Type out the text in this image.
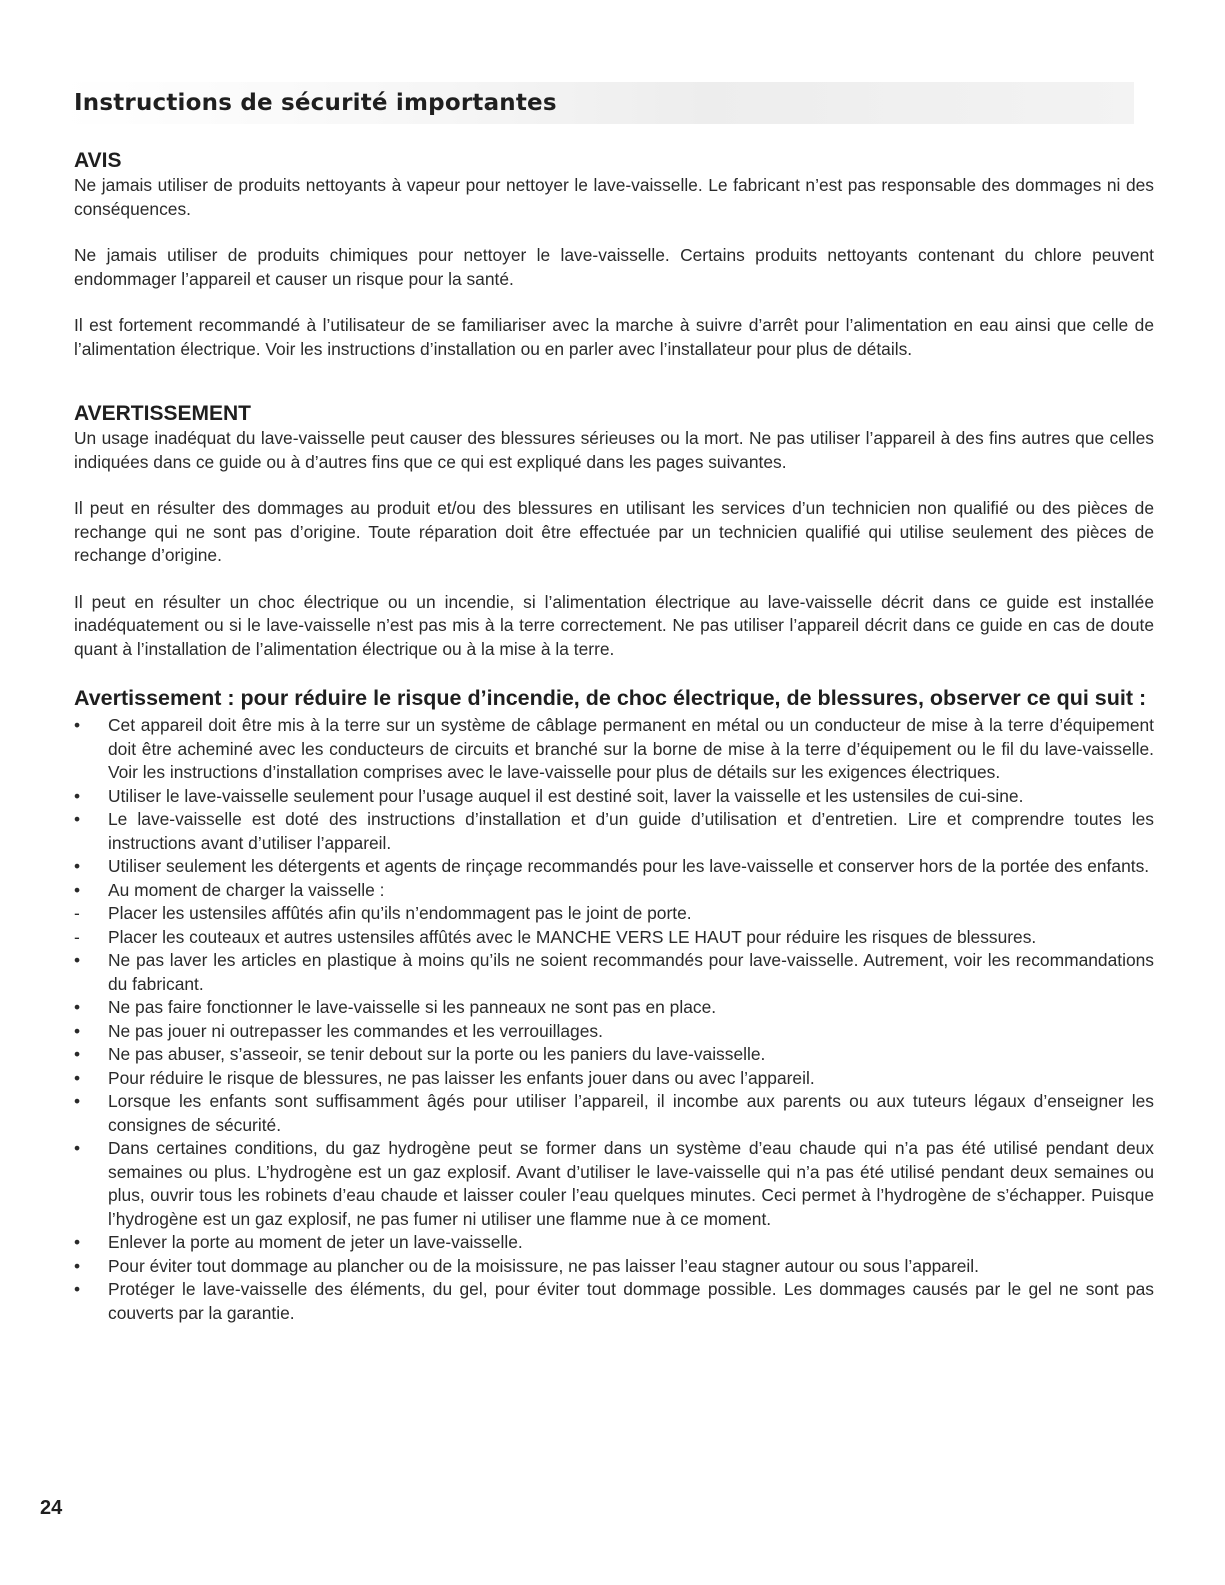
Instructions de sécurité importantes
AVIS

Ne jamais utiliser de produits nettoyants à vapeur pour nettoyer le lave-vaisselle. Le fabricant n’est pas responsable des dommages ni des conséquences.

Ne jamais utiliser de produits chimiques pour nettoyer le lave-vaisselle. Certains produits nettoyants contenant du chlore peuvent endommager l’appareil et causer un risque pour la santé.

Il est fortement recommandé à l’utilisateur de se familiariser avec la marche à suivre d’arrêt pour l’alimentation en eau ainsi que celle de l’alimentation électrique. Voir les instructions d’installation ou en parler avec l’installateur pour plus de détails.

AVERTISSEMENT

Un usage inadéquat du lave-vaisselle peut causer des blessures sérieuses ou la mort. Ne pas utiliser l’appareil à des fins autres que celles indiquées dans ce guide ou à d’autres fins que ce qui est expliqué dans les pages suivantes.

Il peut en résulter des dommages au produit et/ou des blessures en utilisant les services d’un technicien non qualifié ou des pièces de rechange qui ne sont pas d’origine. Toute réparation doit être effectuée par un technicien qualifié qui utilise seulement des pièces de rechange d’origine.

Il peut en résulter un choc électrique ou un incendie, si l’alimentation électrique au lave-vaisselle décrit dans ce guide est installée inadéquatement ou si le lave-vaisselle n’est pas mis à la terre correctement. Ne pas utiliser l’appareil décrit dans ce guide en cas de doute quant à l’installation de l’alimentation électrique ou à la mise à la terre.

Avertissement : pour réduire le risque d’incendie, de choc électrique, de blessures, observer ce qui suit :
• Cet appareil doit être mis à la terre sur un système de câblage permanent en métal ou un conducteur de mise à la terre d’équipement doit être acheminé avec les conducteurs de circuits et branché sur la borne de mise à la terre d’équipement ou le fil du lave-vaisselle. Voir les instructions d’installation comprises avec le lave-vaisselle pour plus de détails sur les exigences électriques.
• Utiliser le lave-vaisselle seulement pour l’usage auquel il est destiné soit, laver la vaisselle et les ustensiles de cui-sine.
• Le lave-vaisselle est doté des instructions d’installation et d’un guide d’utilisation et d’entretien. Lire et comprendre toutes les instructions avant d’utiliser l’appareil.
• Utiliser seulement les détergents et agents de rinçage recommandés pour les lave-vaisselle et conserver hors de la portée des enfants.
• Au moment de charger la vaisselle :
- Placer les ustensiles affûtés afin qu’ils n’endommagent pas le joint de porte.
- Placer les couteaux et autres ustensiles affûtés avec le MANCHE VERS LE HAUT pour réduire les risques de blessures.
• Ne pas laver les articles en plastique à moins qu’ils ne soient recommandés pour lave-vaisselle. Autrement, voir les recommandations du fabricant.
• Ne pas faire fonctionner le lave-vaisselle si les panneaux ne sont pas en place.
• Ne pas jouer ni outrepasser les commandes et les verrouillages.
• Ne pas abuser, s’asseoir, se tenir debout sur la porte ou les paniers du lave-vaisselle.
• Pour réduire le risque de blessures, ne pas laisser les enfants jouer dans ou avec l’appareil.
• Lorsque les enfants sont suffisamment âgés pour utiliser l’appareil, il incombe aux parents ou aux tuteurs légaux d’enseigner les consignes de sécurité.
• Dans certaines conditions, du gaz hydrogène peut se former dans un système d’eau chaude qui n’a pas été utilisé pendant deux semaines ou plus. L’hydrogène est un gaz explosif. Avant d’utiliser le lave-vaisselle qui n’a pas été utilisé pendant deux semaines ou plus, ouvrir tous les robinets d’eau chaude et laisser couler l’eau quelques minutes. Ceci permet à l’hydrogène de s’échapper. Puisque l’hydrogène est un gaz explosif, ne pas fumer ni utiliser une flamme nue à ce moment.
• Enlever la porte au moment de jeter un lave-vaisselle.
• Pour éviter tout dommage au plancher ou de la moisissure, ne pas laisser l’eau stagner autour ou sous l’appareil.
• Protéger le lave-vaisselle des éléments, du gel, pour éviter tout dommage possible. Les dommages causés par le gel ne sont pas couverts par la garantie.
24
